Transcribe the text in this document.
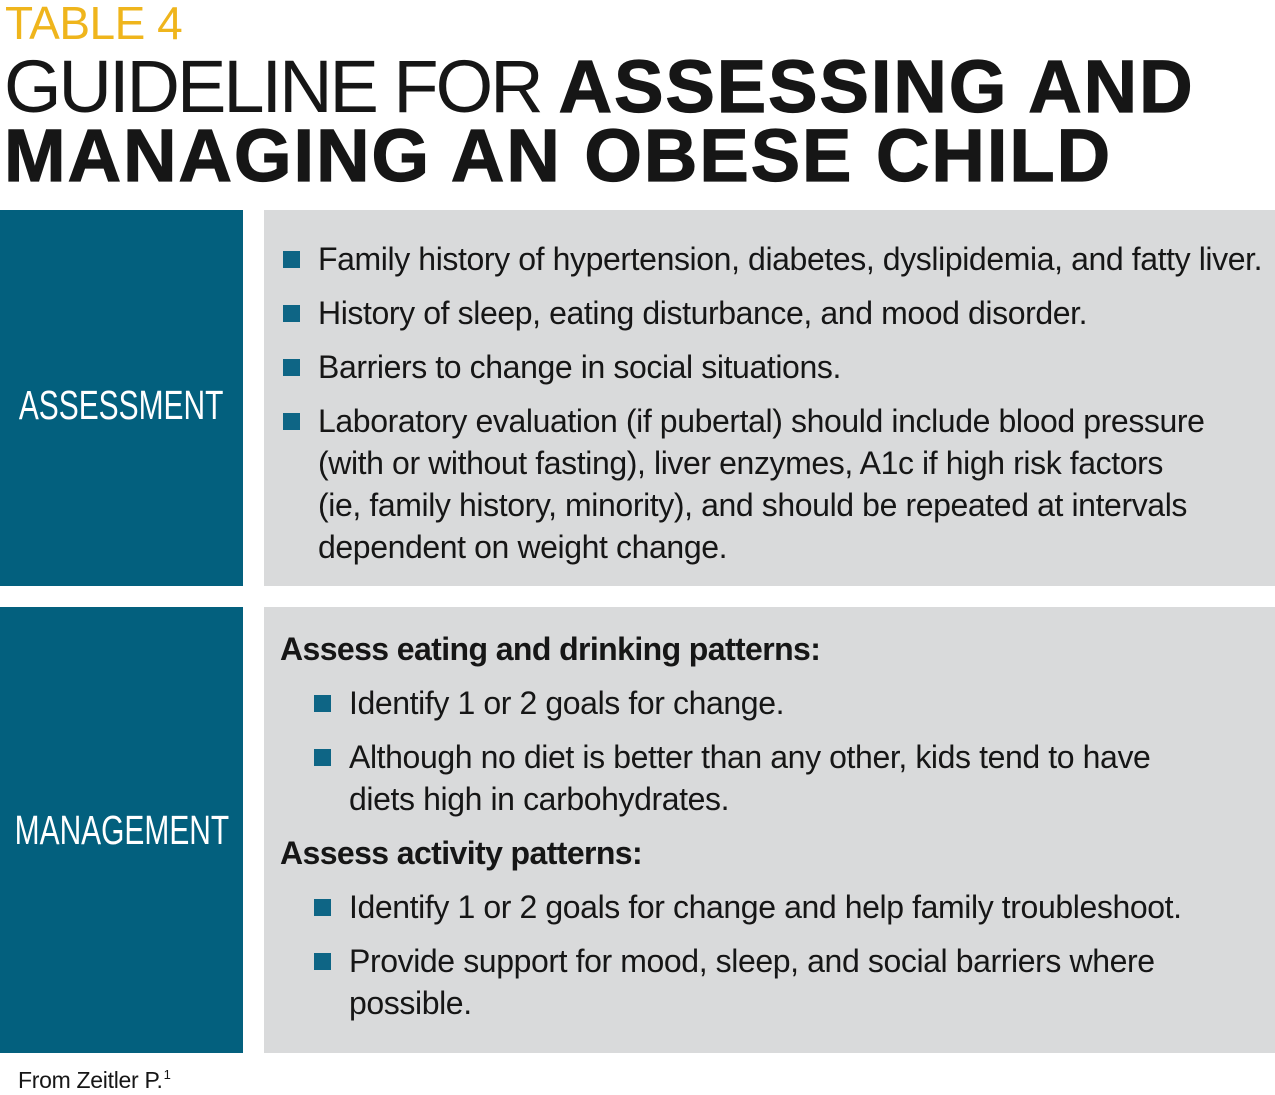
TABLE 4
GUIDELINE FOR ASSESSING AND
MANAGING AN OBESE CHILD
ASSESSMENT
Family history of hypertension, diabetes, dyslipidemia, and fatty liver.
History of sleep, eating disturbance, and mood disorder.
Barriers to change in social situations.
Laboratory evaluation (if pubertal) should include blood pressure
(with or without fasting), liver enzymes, A1c if high risk factors
(ie, family history, minority), and should be repeated at intervals
dependent on weight change.
MANAGEMENT
Assess eating and drinking patterns:
Identify 1 or 2 goals for change.
Although no diet is better than any other, kids tend to have
diets high in carbohydrates.
Assess activity patterns:
Identify 1 or 2 goals for change and help family troubleshoot.
Provide support for mood, sleep, and social barriers where
possible.
From Zeitler P.$^1$
